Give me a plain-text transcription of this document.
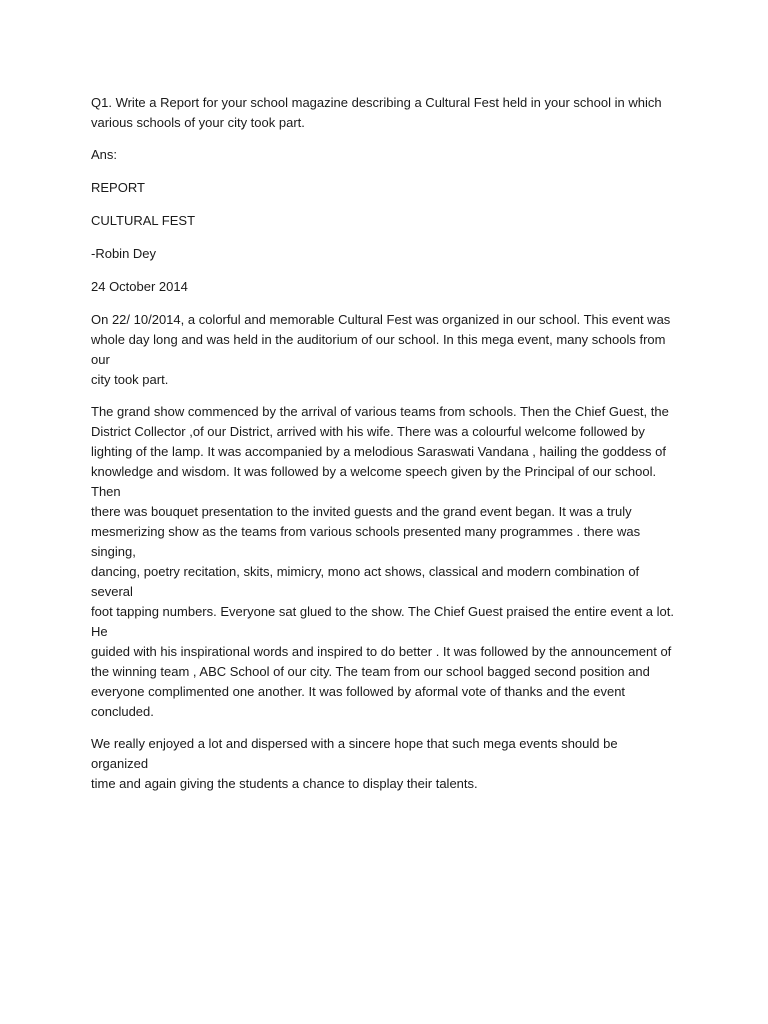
Q1. Write a Report for your school magazine describing a Cultural Fest held in your school in which
various schools of your city took part.
Ans:
REPORT
CULTURAL FEST
-Robin Dey
24 October 2014
On 22/ 10/2014, a colorful and memorable Cultural Fest was organized in our school. This event was
whole day long and was held in the auditorium of our school. In this mega event, many schools from our
city took part.
The grand show commenced by the arrival of various teams from schools. Then the Chief Guest, the
District Collector ,of our District, arrived with his wife. There was a colourful welcome followed by
lighting of the lamp. It was accompanied by a melodious Saraswati Vandana , hailing the goddess of
knowledge and wisdom. It was followed by a welcome speech given by the Principal of our school. Then
there was bouquet presentation to the invited guests and the grand event began. It was a truly
mesmerizing show as the teams from various schools presented many programmes . there was singing,
dancing, poetry recitation, skits, mimicry, mono act shows, classical and modern combination of several
foot tapping numbers. Everyone sat glued to the show. The Chief Guest praised the entire event a lot. He
guided with his inspirational words and inspired to do better . It was followed by the announcement of
the winning team , ABC School of our city. The team from our school bagged second position and
everyone complimented one another. It was followed by aformal vote of thanks and the event
concluded.
We really enjoyed a lot and dispersed with a sincere hope that such mega events should be organized
time and again giving the students a chance to display their talents.
